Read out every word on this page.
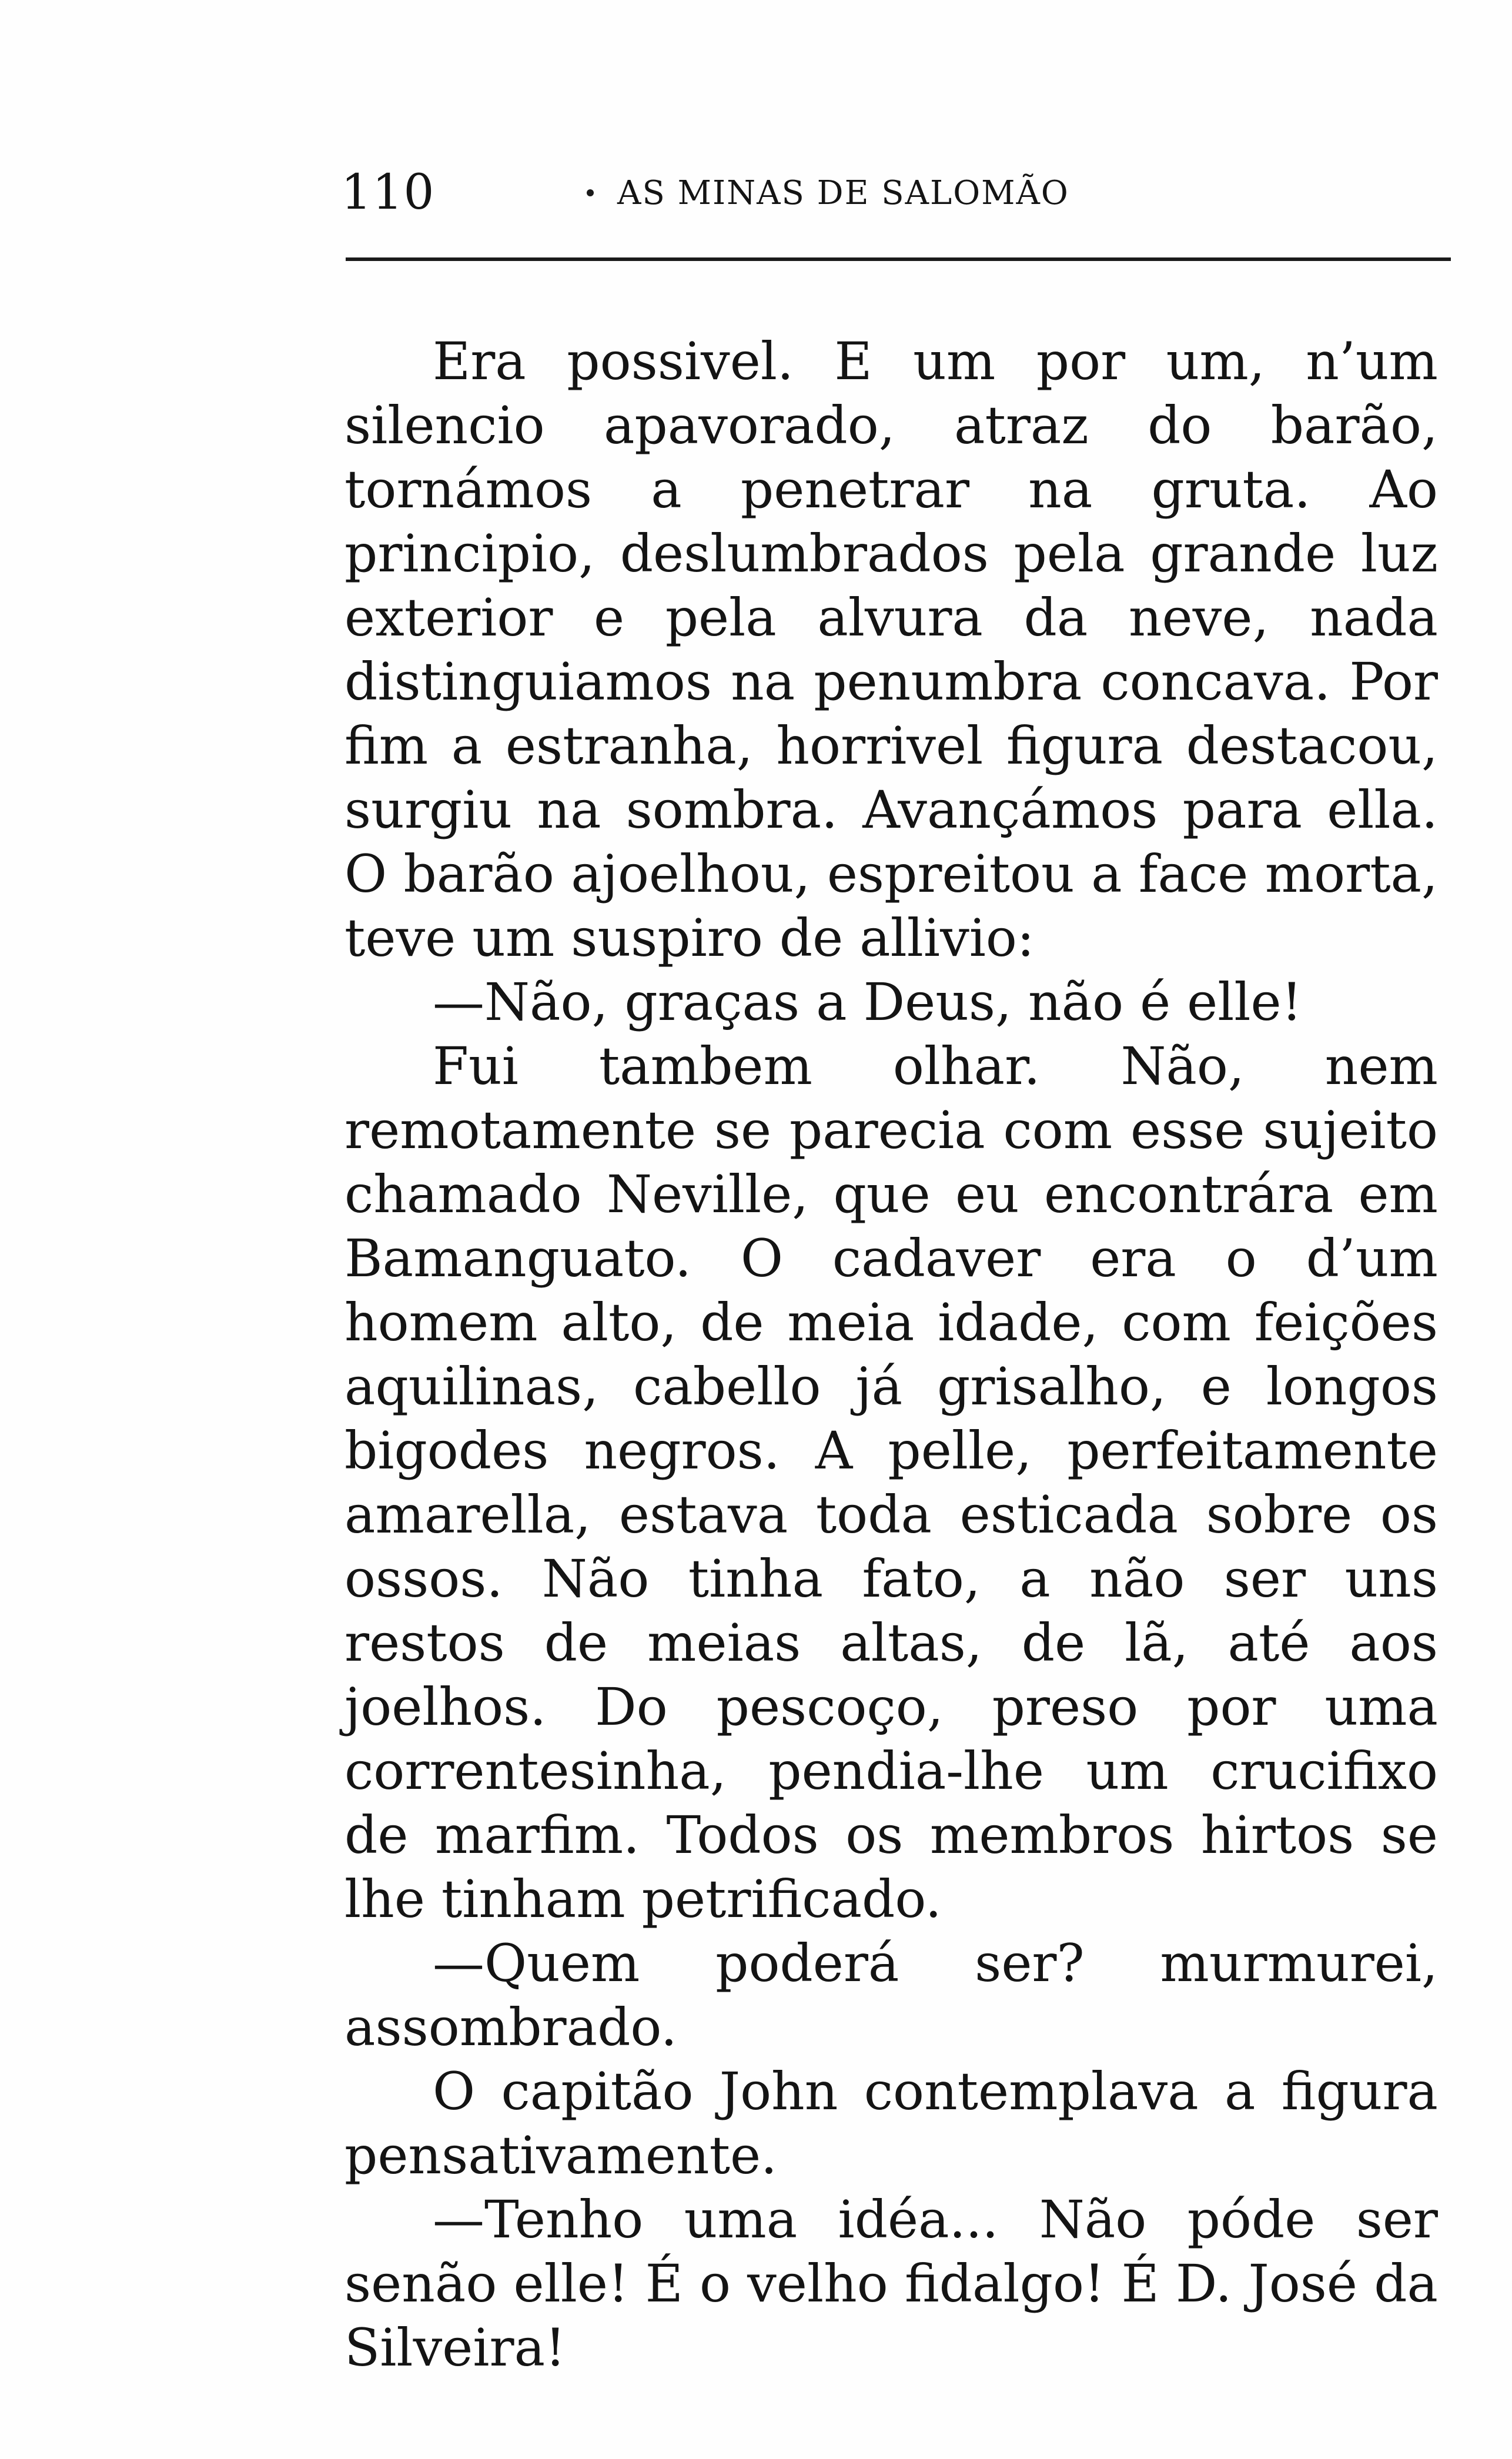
110	AS MINAS DE SALOMÃO

Era possivel. E um por um, n’um silencio apavorado, atraz do barão, tornámos a penetrar na gruta. Ao principio, deslumbrados pela grande luz exterior e pela alvura da neve, nada distinguiamos na penumbra concava. Por fim a estranha, horrivel figura destacou, surgiu na sombra. Avançámos para ella. O barão ajoelhou, espreitou a face morta, teve um suspiro de allivio:

—Não, graças a Deus, não é elle!

Fui tambem olhar. Não, nem remotamente se parecia com esse sujeito chamado Neville, que eu encontrára em Bamanguato. O cadaver era o d’um homem alto, de meia idade, com feições aquilinas, cabello já grisalho, e longos bigodes negros. A pelle, perfeitamente amarella, estava toda esticada sobre os ossos. Não tinha fato, a não ser uns restos de meias altas, de lã, até aos joelhos. Do pescoço, preso por uma correntesinha, pendia-lhe um crucifixo de marfim. Todos os membros hirtos se lhe tinham petrificado.

—Quem poderá ser? murmurei, assombrado.

O capitão John contemplava a figura pensativamente.

—Tenho uma idéa... Não póde ser senão elle! É o velho fidalgo! É D. José da Silveira!
